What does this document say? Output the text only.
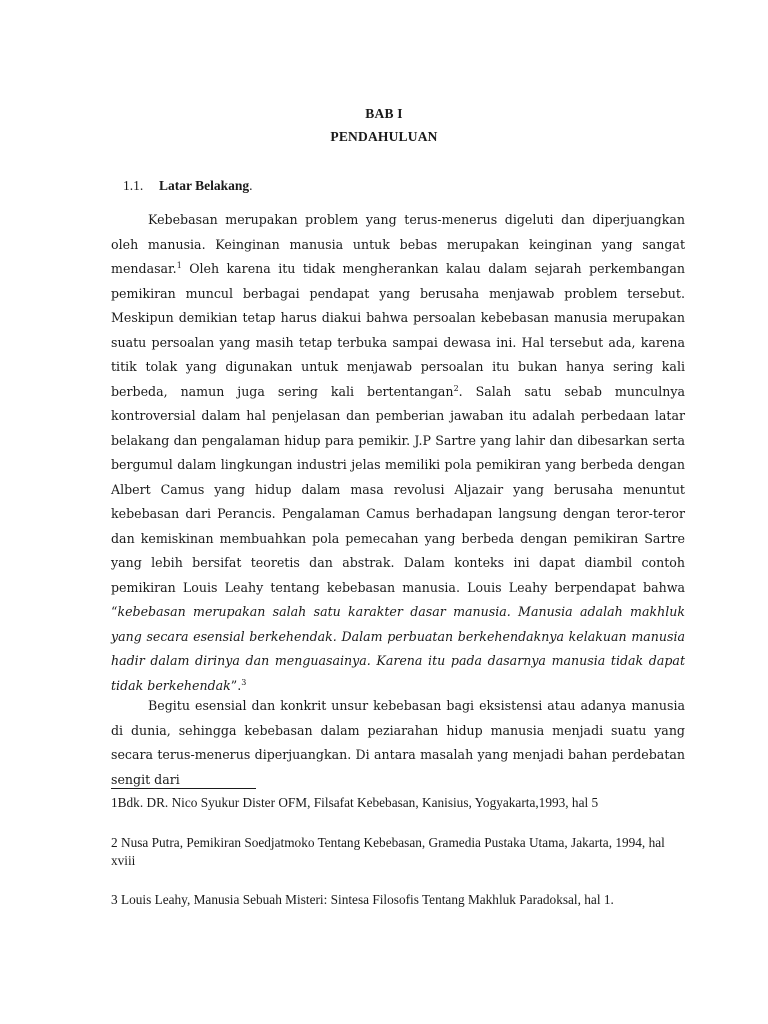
BAB I
PENDAHULUAN
1.1. Latar Belakang.

Kebebasan merupakan problem yang terus-menerus digeluti dan diperjuangkan oleh manusia. Keinginan manusia untuk bebas merupakan keinginan yang sangat mendasar.$^1$ Oleh karena itu tidak mengherankan kalau dalam sejarah perkembangan pemikiran muncul berbagai pendapat yang berusaha menjawab problem tersebut. Meskipun demikian tetap harus diakui bahwa persoalan kebebasan manusia merupakan suatu persoalan yang masih tetap terbuka sampai dewasa ini. Hal tersebut ada, karena titik tolak yang digunakan untuk menjawab persoalan itu bukan hanya sering kali berbeda, namun juga sering kali bertentangan$^2$. Salah satu sebab munculnya kontroversial dalam hal penjelasan dan pemberian jawaban itu adalah perbedaan latar belakang dan pengalaman hidup para pemikir. J.P Sartre yang lahir dan dibesarkan serta bergumul dalam lingkungan industri jelas memiliki pola pemikiran yang berbeda dengan Albert Camus yang hidup dalam masa revolusi Aljazair yang berusaha menuntut kebebasan dari Perancis. Pengalaman Camus berhadapan langsung dengan teror-teror dan kemiskinan membuahkan pola pemecahan yang berbeda dengan pemikiran Sartre yang lebih bersifat teoretis dan abstrak. Dalam konteks ini dapat diambil contoh pemikiran Louis Leahy tentang kebebasan manusia. Louis Leahy berpendapat bahwa “kebebasan merupakan salah satu karakter dasar manusia. Manusia adalah makhluk yang secara esensial berkehendak. Dalam perbuatan berkehendaknya kelakuan manusia hadir dalam dirinya dan menguasainya. Karena itu pada dasarnya manusia tidak dapat tidak berkehendak”.$^3$

Begitu esensial dan konkrit unsur kebebasan bagi eksistensi atau adanya manusia di dunia, sehingga kebebasan dalam peziarahan hidup manusia menjadi suatu yang secara terus-menerus diperjuangkan. Di antara masalah yang menjadi bahan perdebatan sengit dari

1Bdk. DR. Nico Syukur Dister OFM, Filsafat Kebebasan, Kanisius, Yogyakarta,1993, hal 5
2 Nusa Putra, Pemikiran Soedjatmoko Tentang Kebebasan, Gramedia Pustaka Utama, Jakarta, 1994, hal xviii
3 Louis Leahy, Manusia Sebuah Misteri: Sintesa Filosofis Tentang Makhluk Paradoksal, hal 1.
